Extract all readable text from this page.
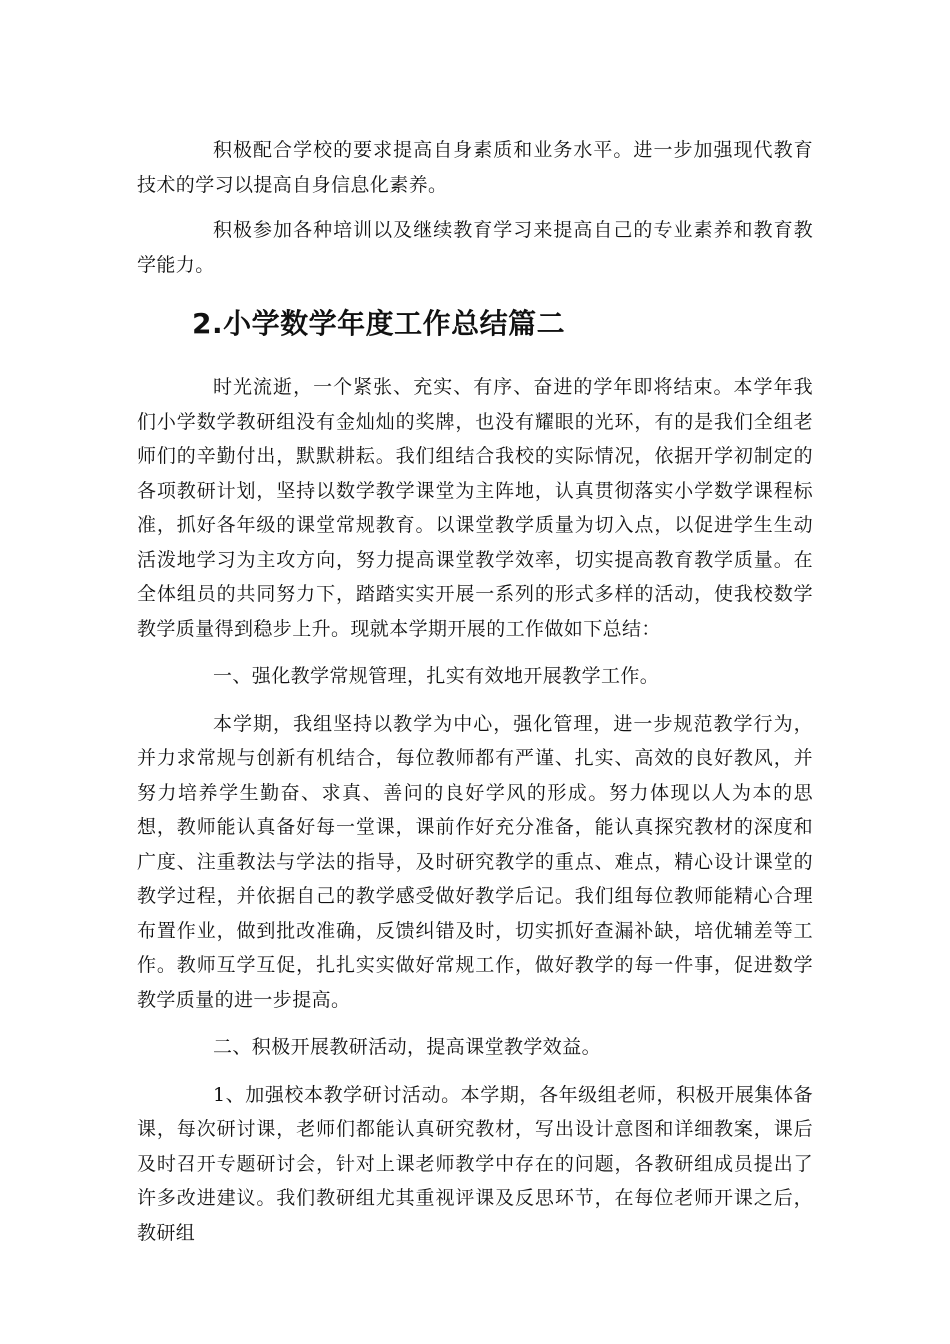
积极配合学校的要求提高自身素质和业务水平。进一步加强现代教育技术的学习以提高自身信息化素养。

积极参加各种培训以及继续教育学习来提高自己的专业素养和教育教学能力。

2.小学数学年度工作总结篇二

时光流逝，一个紧张、充实、有序、奋进的学年即将结束。本学年我们小学数学教研组没有金灿灿的奖牌，也没有耀眼的光环，有的是我们全组老师们的辛勤付出，默默耕耘。我们组结合我校的实际情况，依据开学初制定的各项教研计划，坚持以数学教学课堂为主阵地，认真贯彻落实小学数学课程标准，抓好各年级的课堂常规教育。以课堂教学质量为切入点，以促进学生生动活泼地学习为主攻方向，努力提高课堂教学效率，切实提高教育教学质量。在全体组员的共同努力下，踏踏实实开展一系列的形式多样的活动，使我校数学教学质量得到稳步上升。现就本学期开展的工作做如下总结：

一、强化教学常规管理，扎实有效地开展教学工作。

本学期，我组坚持以教学为中心，强化管理，进一步规范教学行为，并力求常规与创新有机结合，每位教师都有严谨、扎实、高效的良好教风，并努力培养学生勤奋、求真、善问的良好学风的形成。努力体现以人为本的思想，教师能认真备好每一堂课，课前作好充分准备，能认真探究教材的深度和广度、注重教法与学法的指导，及时研究教学的重点、难点，精心设计课堂的教学过程，并依据自己的教学感受做好教学后记。我们组每位教师能精心合理布置作业，做到批改准确，反馈纠错及时，切实抓好查漏补缺，培优辅差等工作。教师互学互促，扎扎实实做好常规工作，做好教学的每一件事，促进数学教学质量的进一步提高。

二、积极开展教研活动，提高课堂教学效益。

1、加强校本教学研讨活动。本学期，各年级组老师，积极开展集体备课，每次研讨课，老师们都能认真研究教材，写出设计意图和详细教案，课后及时召开专题研讨会，针对上课老师教学中存在的问题，各教研组成员提出了许多改进建议。我们教研组尤其重视评课及反思环节，在每位老师开课之后，教研组
